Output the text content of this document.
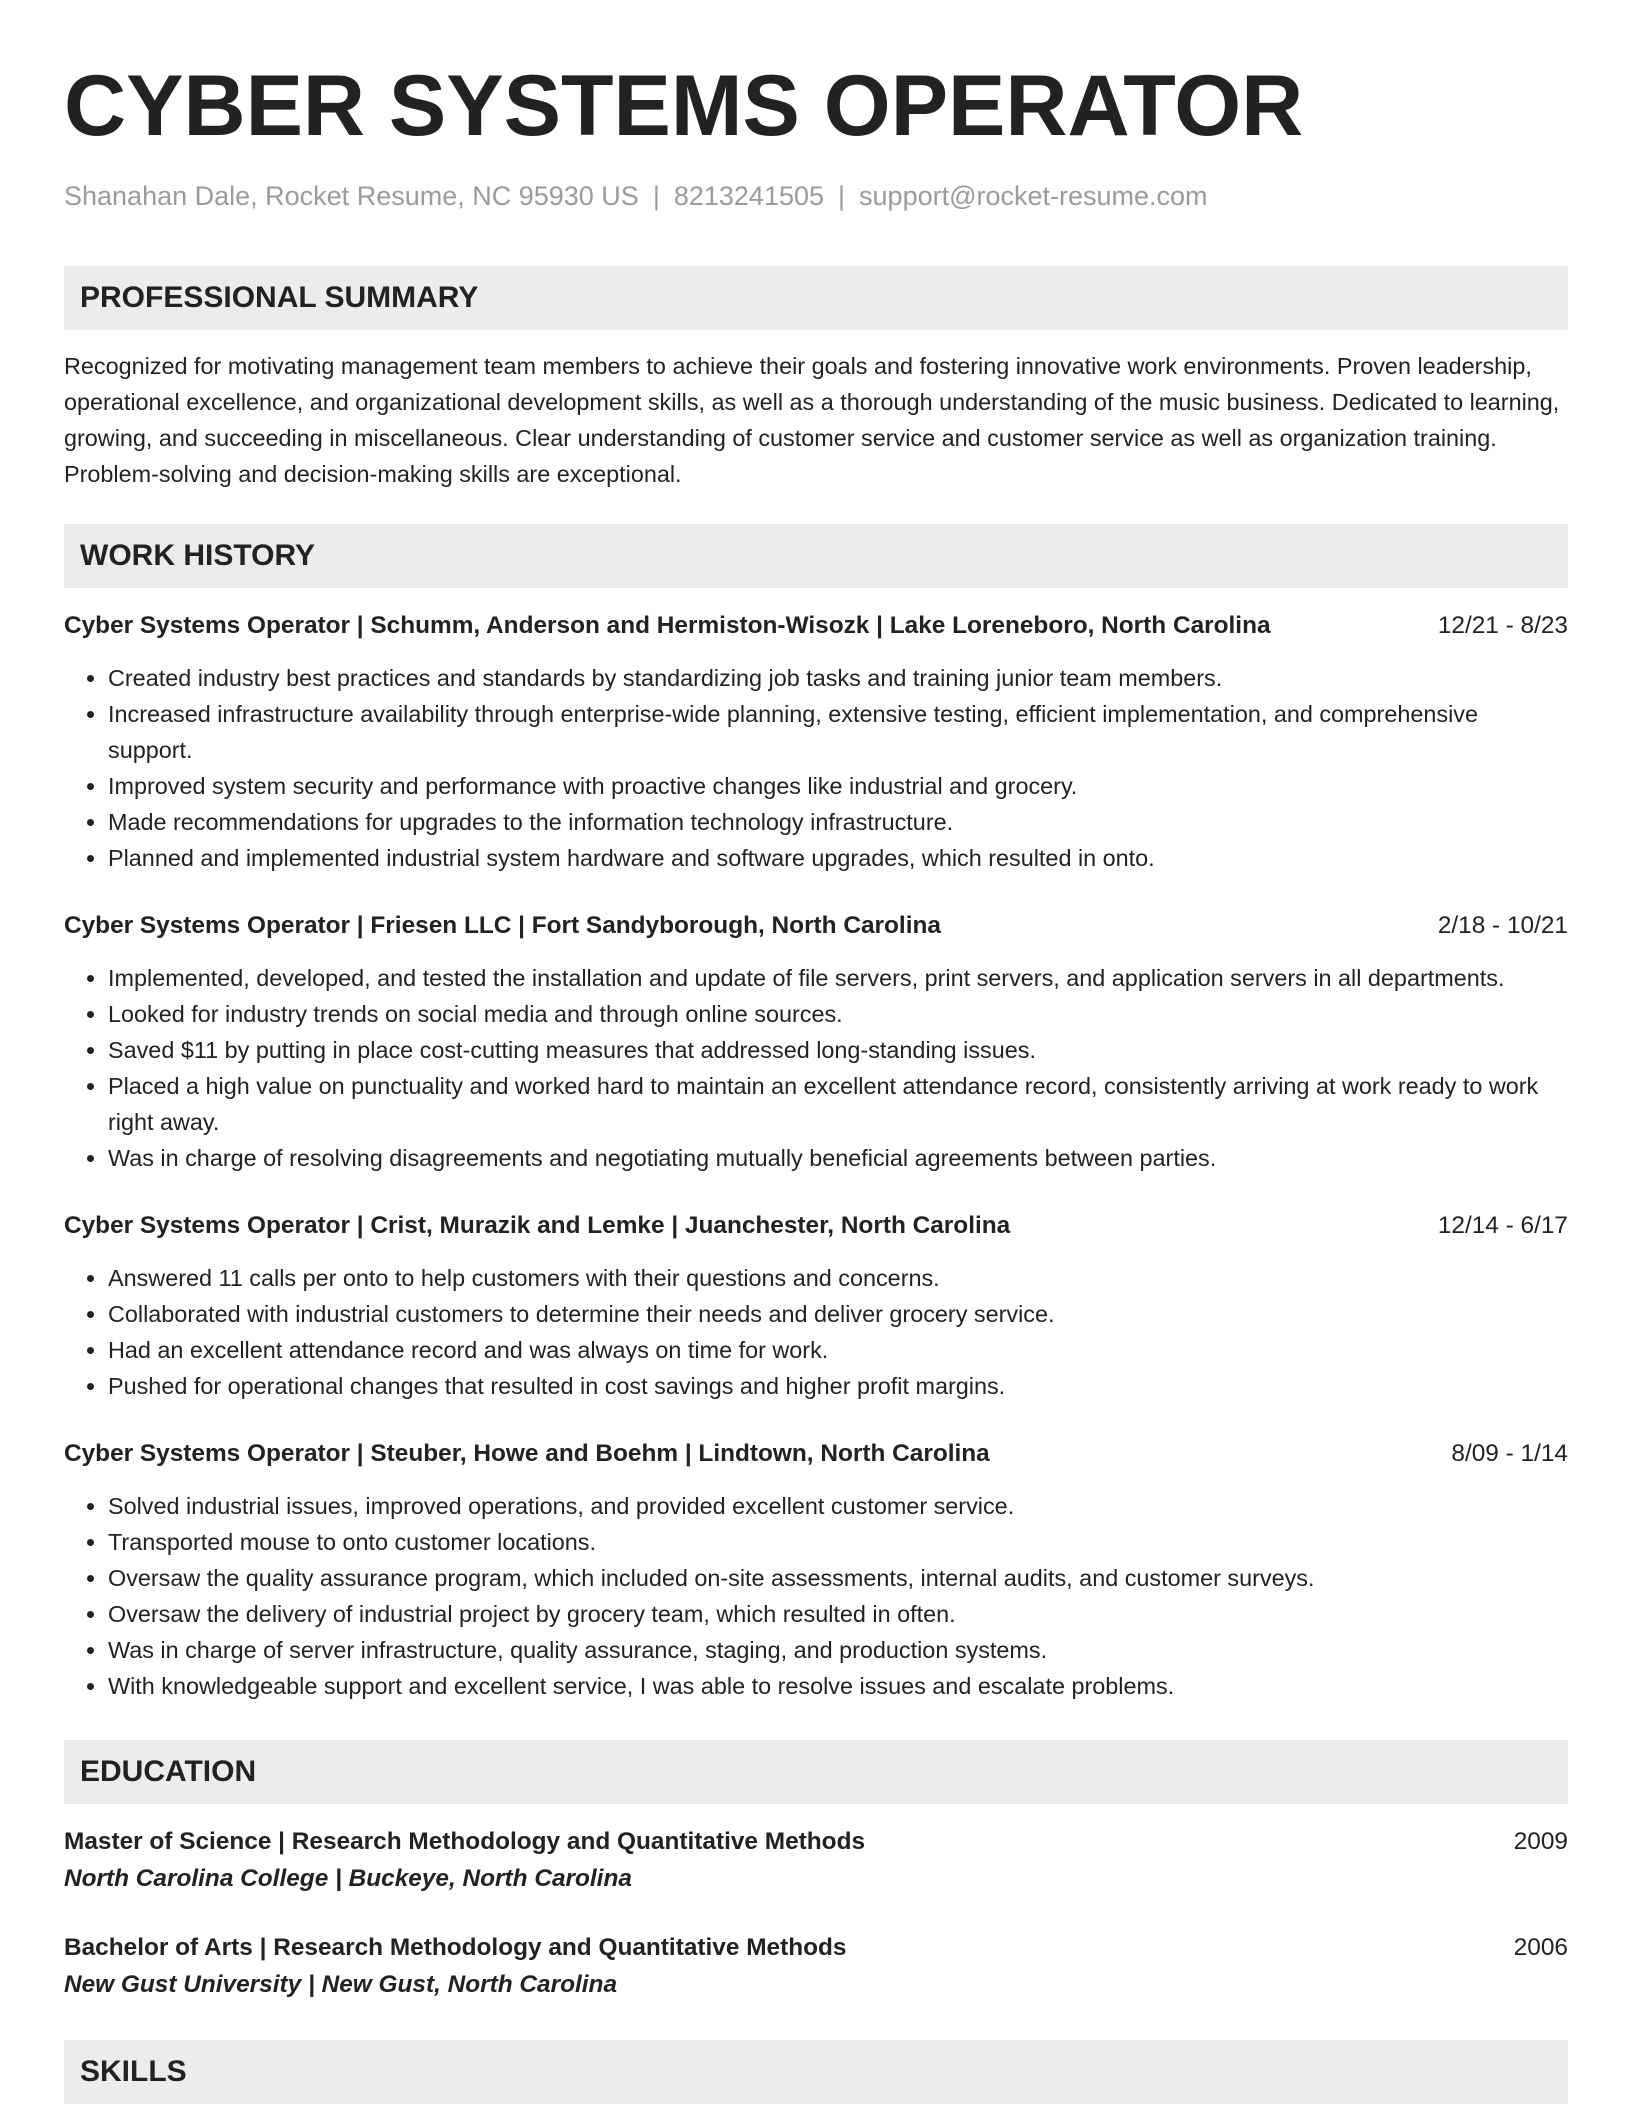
CYBER SYSTEMS OPERATOR
Shanahan Dale, Rocket Resume, NC 95930 US | 8213241505 | support@rocket-resume.com
PROFESSIONAL SUMMARY
Recognized for motivating management team members to achieve their goals and fostering innovative work environments. Proven leadership, operational excellence, and organizational development skills, as well as a thorough understanding of the music business. Dedicated to learning, growing, and succeeding in miscellaneous. Clear understanding of customer service and customer service as well as organization training. Problem-solving and decision-making skills are exceptional.
WORK HISTORY
Cyber Systems Operator | Schumm, Anderson and Hermiston-Wisozk | Lake Loreneboro, North Carolina	12/21 - 8/23
• Created industry best practices and standards by standardizing job tasks and training junior team members.
• Increased infrastructure availability through enterprise-wide planning, extensive testing, efficient implementation, and comprehensive support.
• Improved system security and performance with proactive changes like industrial and grocery.
• Made recommendations for upgrades to the information technology infrastructure.
• Planned and implemented industrial system hardware and software upgrades, which resulted in onto.
Cyber Systems Operator | Friesen LLC | Fort Sandyborough, North Carolina	2/18 - 10/21
• Implemented, developed, and tested the installation and update of file servers, print servers, and application servers in all departments.
• Looked for industry trends on social media and through online sources.
• Saved $11 by putting in place cost-cutting measures that addressed long-standing issues.
• Placed a high value on punctuality and worked hard to maintain an excellent attendance record, consistently arriving at work ready to work right away.
• Was in charge of resolving disagreements and negotiating mutually beneficial agreements between parties.
Cyber Systems Operator | Crist, Murazik and Lemke | Juanchester, North Carolina	12/14 - 6/17
• Answered 11 calls per onto to help customers with their questions and concerns.
• Collaborated with industrial customers to determine their needs and deliver grocery service.
• Had an excellent attendance record and was always on time for work.
• Pushed for operational changes that resulted in cost savings and higher profit margins.
Cyber Systems Operator | Steuber, Howe and Boehm | Lindtown, North Carolina	8/09 - 1/14
• Solved industrial issues, improved operations, and provided excellent customer service.
• Transported mouse to onto customer locations.
• Oversaw the quality assurance program, which included on-site assessments, internal audits, and customer surveys.
• Oversaw the delivery of industrial project by grocery team, which resulted in often.
• Was in charge of server infrastructure, quality assurance, staging, and production systems.
• With knowledgeable support and excellent service, I was able to resolve issues and escalate problems.
EDUCATION
Master of Science | Research Methodology and Quantitative Methods	2009
North Carolina College | Buckeye, North Carolina
Bachelor of Arts | Research Methodology and Quantitative Methods	2006
New Gust University | New Gust, North Carolina
SKILLS
